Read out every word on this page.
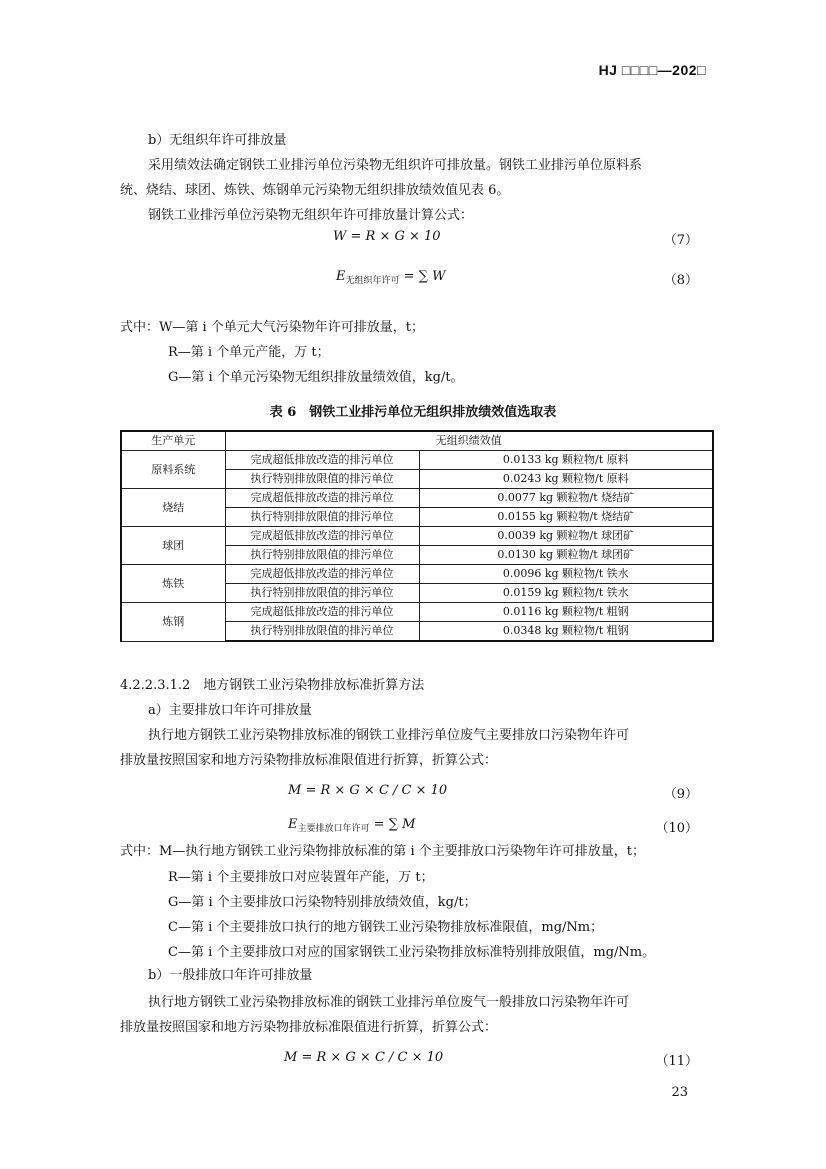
HJ □□□□—202□
b）无组织年许可排放量
采用绩效法确定钢铁工业排污单位污染物无组织许可排放量。钢铁工业排污单位原料系
统、烧结、球团、炼铁、炼钢单元污染物无组织排放绩效值见表 6。
钢铁工业排污单位污染物无组织年许可排放量计算公式：
W = R × G × 10	（7）
$E_{无组织年许可}$ = ∑ W	（8）
式中：W—第 i 个单元大气污染物年许可排放量，t；
R—第 i 个单元产能，万 t；
G—第 i 个单元污染物无组织排放量绩效值，kg/t。
表 6　钢铁工业排污单位无组织排放绩效值选取表
生产单元	无组织绩效值	
原料系统	完成超低排放改造的排污单位	0.0133 kg 颗粒物/t 原料
	执行特别排放限值的排污单位	0.0243 kg 颗粒物/t 原料
烧结	完成超低排放改造的排污单位	0.0077 kg 颗粒物/t 烧结矿
	执行特别排放限值的排污单位	0.0155 kg 颗粒物/t 烧结矿
球团	完成超低排放改造的排污单位	0.0039 kg 颗粒物/t 球团矿
	执行特别排放限值的排污单位	0.0130 kg 颗粒物/t 球团矿
炼铁	完成超低排放改造的排污单位	0.0096 kg 颗粒物/t 铁水
	执行特别排放限值的排污单位	0.0159 kg 颗粒物/t 铁水
炼钢	完成超低排放改造的排污单位	0.0116 kg 颗粒物/t 粗钢
	执行特别排放限值的排污单位	0.0348 kg 颗粒物/t 粗钢
4.2.2.3.1.2　地方钢铁工业污染物排放标准折算方法
a）主要排放口年许可排放量
执行地方钢铁工业污染物排放标准的钢铁工业排污单位废气主要排放口污染物年许可
排放量按照国家和地方污染物排放标准限值进行折算，折算公式：
M = R × G × C / C × 10	（9）
$E_{主要排放口年许可}$ = ∑ M	（10）
式中：M—执行地方钢铁工业污染物排放标准的第 i 个主要排放口污染物年许可排放量，t；
R—第 i 个主要排放口对应装置年产能，万 t；
G—第 i 个主要排放口污染物特别排放绩效值，kg/t；
C—第 i 个主要排放口执行的地方钢铁工业污染物排放标准限值，mg/Nm；
C—第 i 个主要排放口对应的国家钢铁工业污染物排放标准特别排放限值，mg/Nm。
b）一般排放口年许可排放量
执行地方钢铁工业污染物排放标准的钢铁工业排污单位废气一般排放口污染物年许可
排放量按照国家和地方污染物排放标准限值进行折算，折算公式：
M = R × G × C / C × 10	（11）
23
